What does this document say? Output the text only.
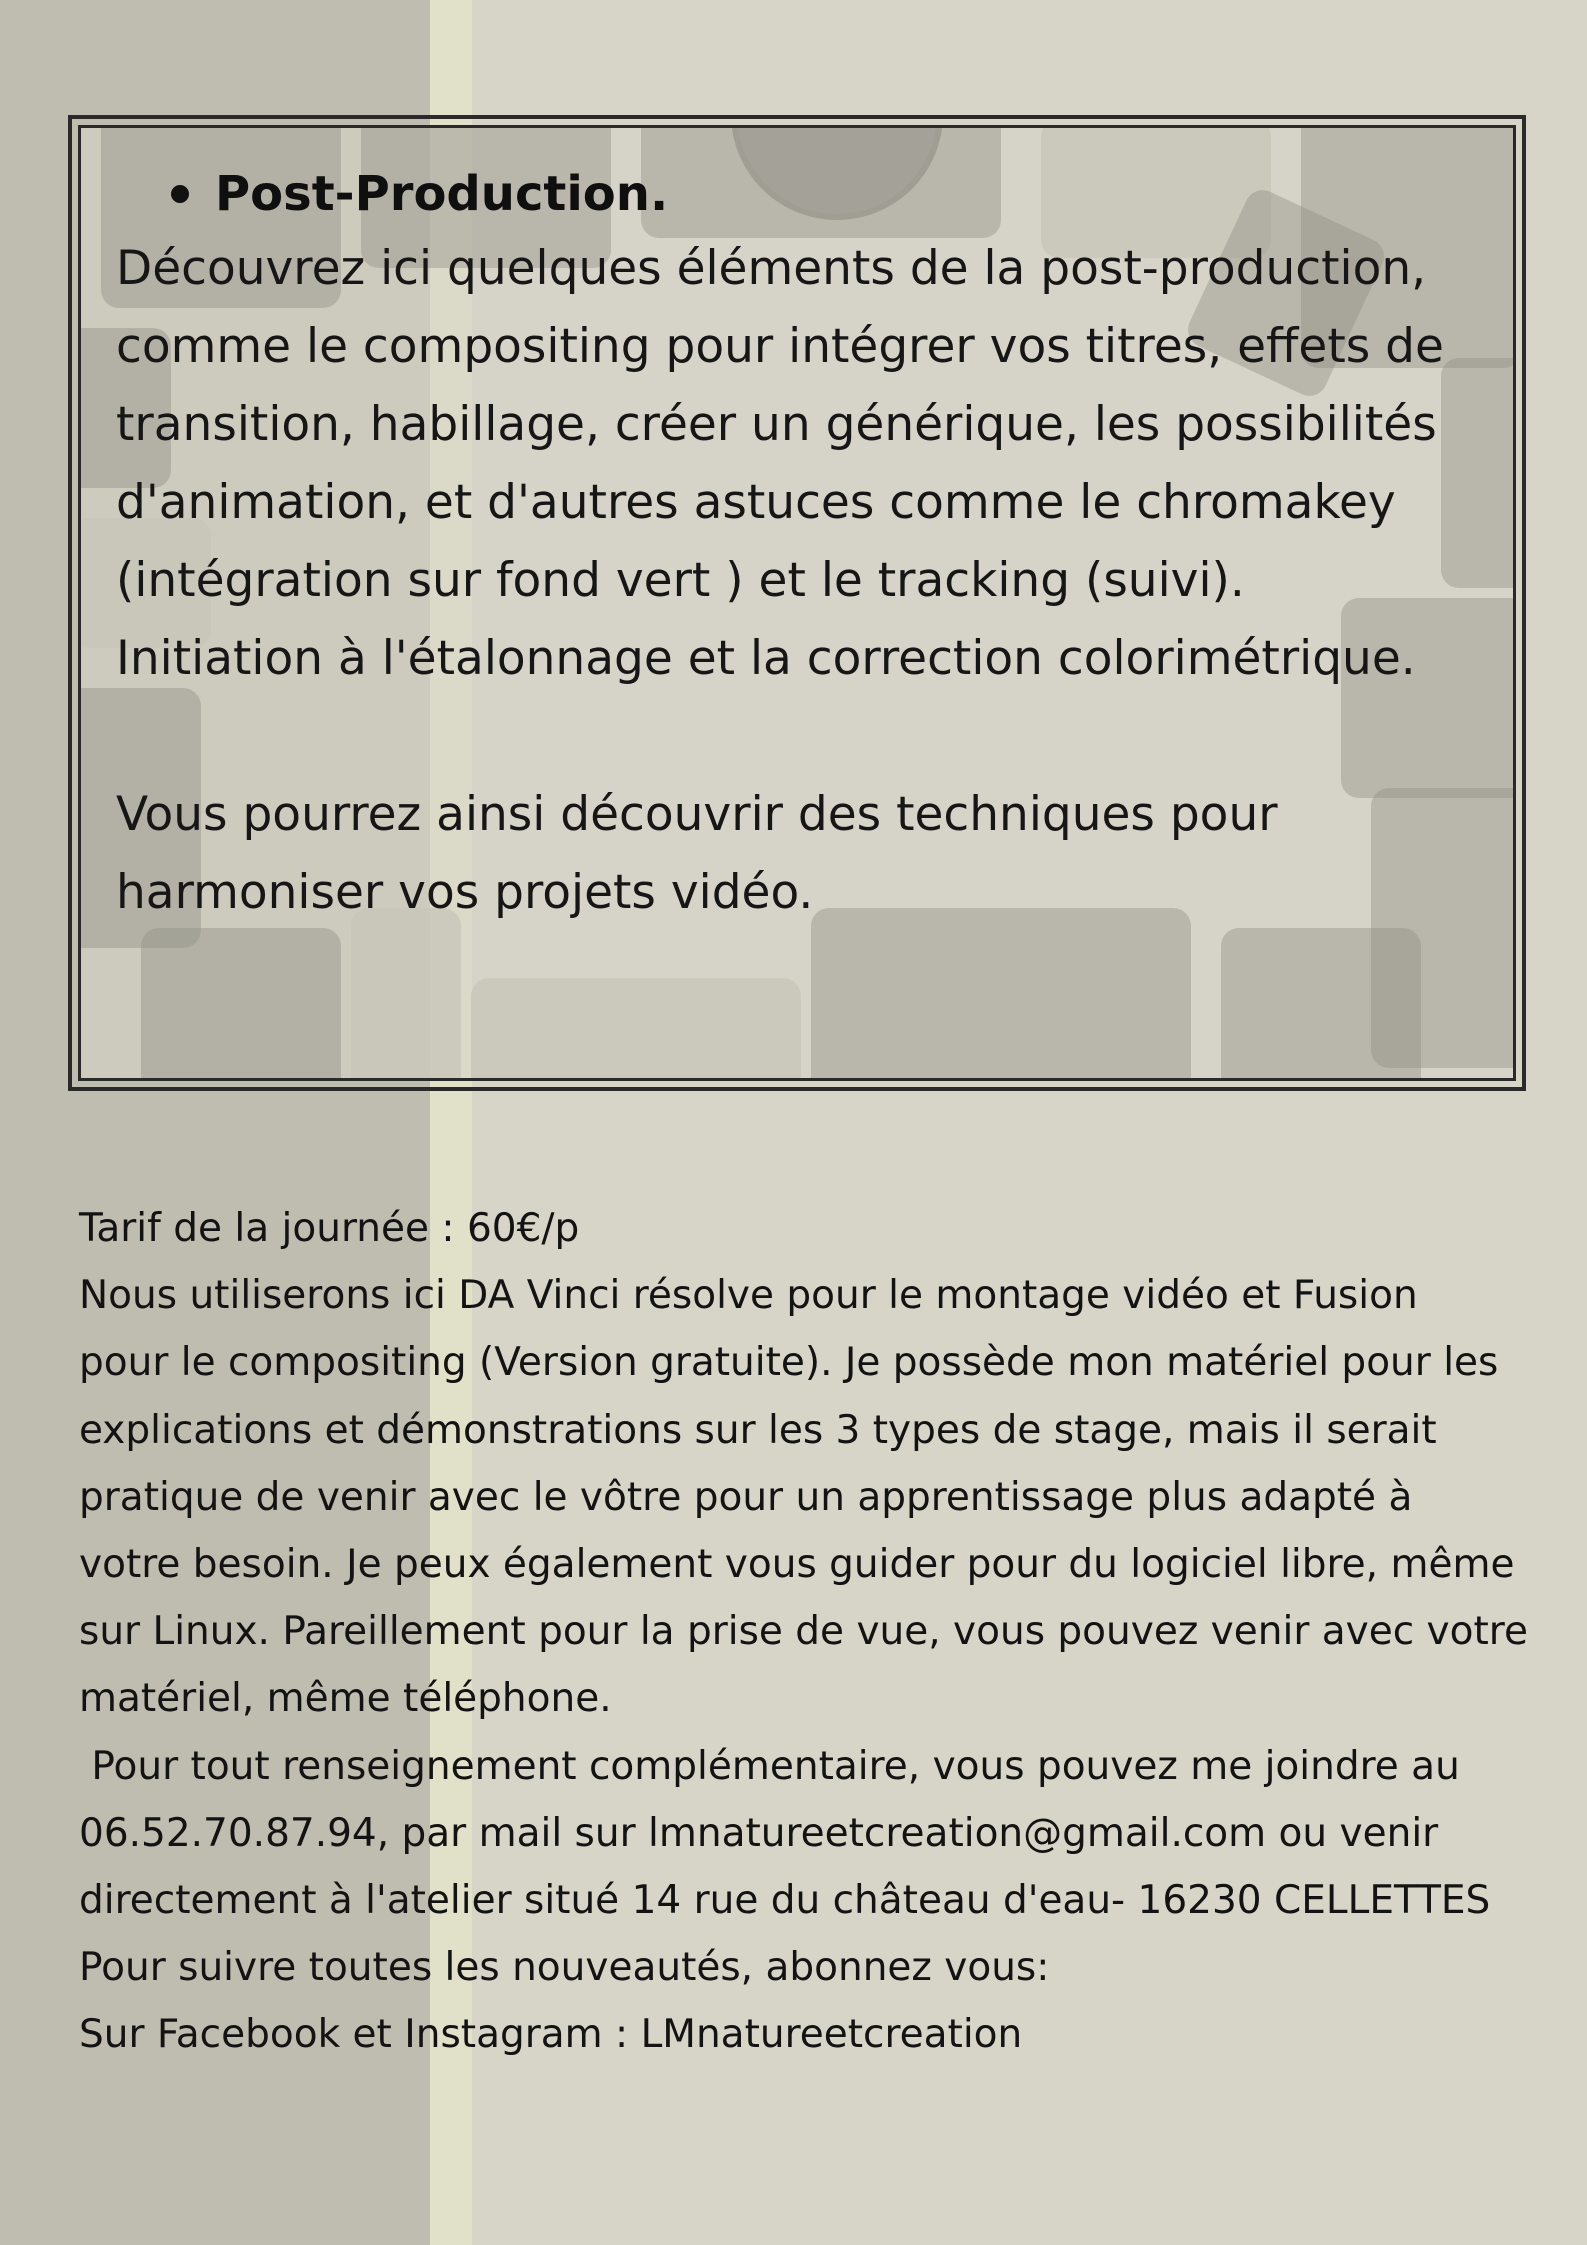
Post-Production.

Découvrez ici quelques éléments de la post-production,

comme le compositing pour intégrer vos titres, effets de

transition, habillage, créer un générique, les possibilités

d'animation, et d'autres astuces comme le chromakey

(intégration sur fond vert ) et le tracking (suivi).

Initiation à l'étalonnage et la correction colorimétrique.

Vous pourrez ainsi découvrir des techniques pour

harmoniser vos projets vidéo.

Tarif de la journée : 60€/p

Nous utiliserons ici DA Vinci résolve pour le montage vidéo et Fusion

pour le compositing (Version gratuite). Je possède mon matériel pour les

explications et démonstrations sur les 3 types de stage, mais il serait

pratique de venir avec le vôtre pour un apprentissage plus adapté à

votre besoin. Je peux également vous guider pour du logiciel libre, même

sur Linux. Pareillement pour la prise de vue, vous pouvez venir avec votre

matériel, même téléphone.

Pour tout renseignement complémentaire, vous pouvez me joindre au

06.52.70.87.94, par mail sur lmnatureetcreation@gmail.com ou venir

directement à l'atelier situé 14 rue du château d'eau- 16230 CELLETTES

Pour suivre toutes les nouveautés, abonnez vous:

Sur Facebook et Instagram : LMnatureetcreation
